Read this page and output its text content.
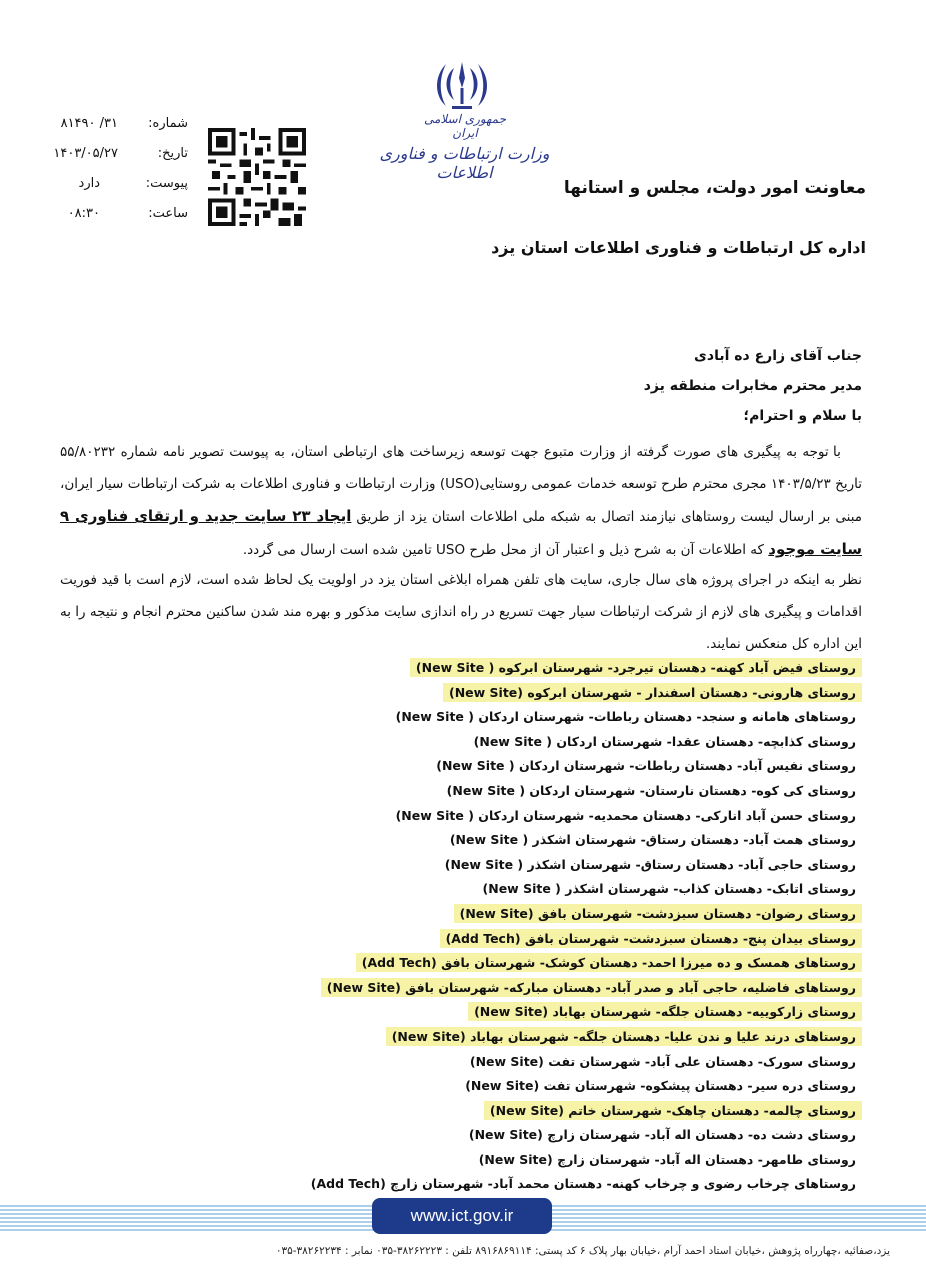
جمهوری اسلامی ایران
وزارت ارتباطات و فناوری اطلاعات
شماره:
۳۱/ ۸۱۴۹۰
تاریخ:
۱۴۰۳/۰۵/۲۷
پیوست:
دارد
ساعت:
۰۸:۳۰
معاونت امور دولت، مجلس و استانها
اداره کل ارتباطات و فناوری اطلاعات استان یزد
جناب آقای زارع ده آبادی
مدیر محترم مخابرات منطقه یزد
با سلام و احترام؛
با توجه به پیگیری های صورت گرفته از وزارت متبوع جهت توسعه زیرساخت های ارتباطی استان، به پیوست تصویر نامه شماره ۵۵/۸۰۲۳۲ تاریخ ۱۴۰۳/۵/۲۳ مجری محترم طرح توسعه خدمات عمومی روستایی(USO) وزارت ارتباطات و فناوری اطلاعات به شرکت ارتباطات سیار ایران، مبنی بر ارسال لیست روستاهای نیازمند اتصال به شبکه ملی اطلاعات استان یزد از طریق ایجاد ۲۳ سایت جدید و ارتقای فناوری ۹ سایت موجود که اطلاعات آن به شرح ذیل و اعتبار آن از محل طرح USO تامین شده است ارسال می گردد.
نظر به اینکه در اجرای پروژه های سال جاری، سایت های تلفن همراه ابلاغی استان یزد در اولویت یک لحاظ شده است، لازم است با قید فوریت اقدامات و پیگیری های لازم از شرکت ارتباطات سیار جهت تسریع در راه اندازی سایت مذکور و بهره مند شدن ساکنین محترم انجام و نتیجه را به این اداره کل منعکس نمایند.
روستای فیض آباد کهنه- دهستان تیرجرد- شهرستان ابرکوه ( New Site)
روستای هارونی- دهستان اسفندار - شهرستان ابرکوه (New Site)
روستاهای هامانه و سنجد- دهستان رباطات- شهرستان اردکان ( New Site)
روستای کذابچه- دهستان عقدا- شهرستان اردکان ( New Site)
روستای نفیس آباد- دهستان رباطات- شهرستان اردکان ( New Site)
روستای کی کوه- دهستان نارستان- شهرستان اردکان ( New Site)
روستای حسن آباد انارکی- دهستان محمدیه- شهرستان اردکان ( New Site)
روستای همت آباد- دهستان رستاق- شهرستان اشکذر ( New Site)
روستای حاجی آباد- دهستان رستاق- شهرستان اشکذر ( New Site)
روستای اتابک- دهستان کذاب- شهرستان اشکذر ( New Site)
روستای رضوان- دهستان سبزدشت- شهرستان بافق (New Site)
روستای بیدان پنج- دهستان سبزدشت- شهرستان بافق (Add Tech)
روستاهای همسک و ده میرزا احمد- دهستان کوشک- شهرستان بافق (Add Tech)
روستاهای فاضلیه، حاجی آباد و صدر آباد- دهستان مبارکه- شهرستان بافق (New Site)
روستای زارکوییه- دهستان جلگه- شهرستان بهاباد (New Site)
روستاهای درند علیا و ندن علیا- دهستان جلگه- شهرستان بهاباد (New Site)
روستای سورک- دهستان علی آباد- شهرستان تفت (New Site)
روستای دره سیر- دهستان پیشکوه- شهرستان تفت (New Site)
روستای چالمه- دهستان چاهک- شهرستان خاتم (New Site)
روستای دشت ده- دهستان اله آباد- شهرستان زارچ (New Site)
روستای طامهر- دهستان اله آباد- شهرستان زارچ (New Site)
روستاهای چرخاب رضوی و چرخاب کهنه- دهستان محمد آباد- شهرستان زارچ (Add Tech)
www.ict.gov.ir
یزد،صفائیه ،چهارراه پژوهش ،خیابان استاد احمد آرام ،خیابان بهار پلاک ۶ کد پستی: ۸۹۱۶۸۶۹۱۱۴ تلفن : ۳۸۲۶۲۲۲۳-۰۳۵ نمابر : ۳۸۲۶۲۲۳۴-۰۳۵
